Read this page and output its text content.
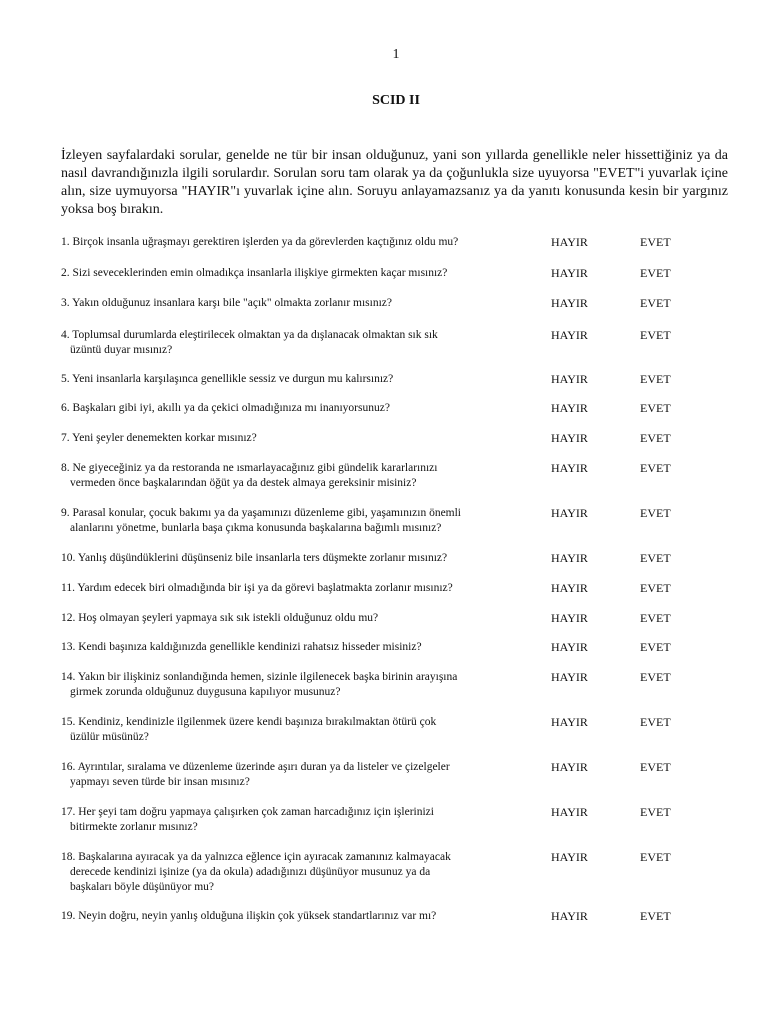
1
SCID II
İzleyen sayfalardaki sorular, genelde ne tür bir insan olduğunuz, yani son yıllarda genellikle neler hissettiğiniz ya da nasıl davrandığınızla ilgili sorulardır. Sorulan soru tam olarak ya da çoğunlukla size uyuyorsa "EVET"i yuvarlak içine alın, size uymuyorsa "HAYIR"ı yuvarlak içine alın. Soruyu anlayamazsanız ya da yanıtı konusunda kesin bir yargınız yoksa boş bırakın.
1. Birçok insanla uğraşmayı gerektiren işlerden ya da görevlerden kaçtığınız oldu mu?	HAYIR	EVET
2. Sizi seveceklerinden emin olmadıkça insanlarla ilişkiye girmekten kaçar mısınız?	HAYIR	EVET
3. Yakın olduğunuz insanlara karşı bile "açık" olmakta zorlanır mısınız?	HAYIR	EVET
4. Toplumsal durumlarda eleştirilecek olmaktan ya da dışlanacak olmaktan sık sık
üzüntü duyar mısınız?
HAYIR	EVET
5. Yeni insanlarla karşılaşınca genellikle sessiz ve durgun mu kalırsınız?	HAYIR	EVET
6. Başkaları gibi iyi, akıllı ya da çekici olmadığınıza mı inanıyorsunuz?	HAYIR	EVET
7. Yeni şeyler denemekten korkar mısınız?	HAYIR	EVET
8. Ne giyeceğiniz ya da restoranda ne ısmarlayacağınız gibi gündelik kararlarınızı
vermeden önce başkalarından öğüt ya da destek almaya gereksinir misiniz?
HAYIR	EVET
9. Parasal konular, çocuk bakımı ya da yaşamınızı düzenleme gibi, yaşamınızın önemli
alanlarını yönetme, bunlarla başa çıkma konusunda başkalarına bağımlı mısınız?
HAYIR	EVET
10. Yanlış düşündüklerini düşünseniz bile insanlarla ters düşmekte zorlanır mısınız?	HAYIR	EVET
11. Yardım edecek biri olmadığında bir işi ya da görevi başlatmakta zorlanır mısınız?	HAYIR	EVET
12. Hoş olmayan şeyleri yapmaya sık sık istekli olduğunuz oldu mu?	HAYIR	EVET
13. Kendi başınıza kaldığınızda genellikle kendinizi rahatsız hisseder misiniz?	HAYIR	EVET
14. Yakın bir ilişkiniz sonlandığında hemen, sizinle ilgilenecek başka birinin arayışına
girmek zorunda olduğunuz duygusuna kapılıyor musunuz?
HAYIR	EVET
15. Kendiniz, kendinizle ilgilenmek üzere kendi başınıza bırakılmaktan ötürü çok
üzülür müsünüz?
HAYIR	EVET
16. Ayrıntılar, sıralama ve düzenleme üzerinde aşırı duran ya da listeler ve çizelgeler
yapmayı seven türde bir insan mısınız?
HAYIR	EVET
17. Her şeyi tam doğru yapmaya çalışırken çok zaman harcadığınız için işlerinizi
bitirmekte zorlanır mısınız?
HAYIR	EVET
18. Başkalarına ayıracak ya da yalnızca eğlence için ayıracak zamanınız kalmayacak
derecede kendinizi işinize (ya da okula) adadığınızı düşünüyor musunuz ya da
başkaları böyle düşünüyor mu?
HAYIR	EVET
19. Neyin doğru, neyin yanlış olduğuna ilişkin çok yüksek standartlarınız var mı?	HAYIR	EVET
